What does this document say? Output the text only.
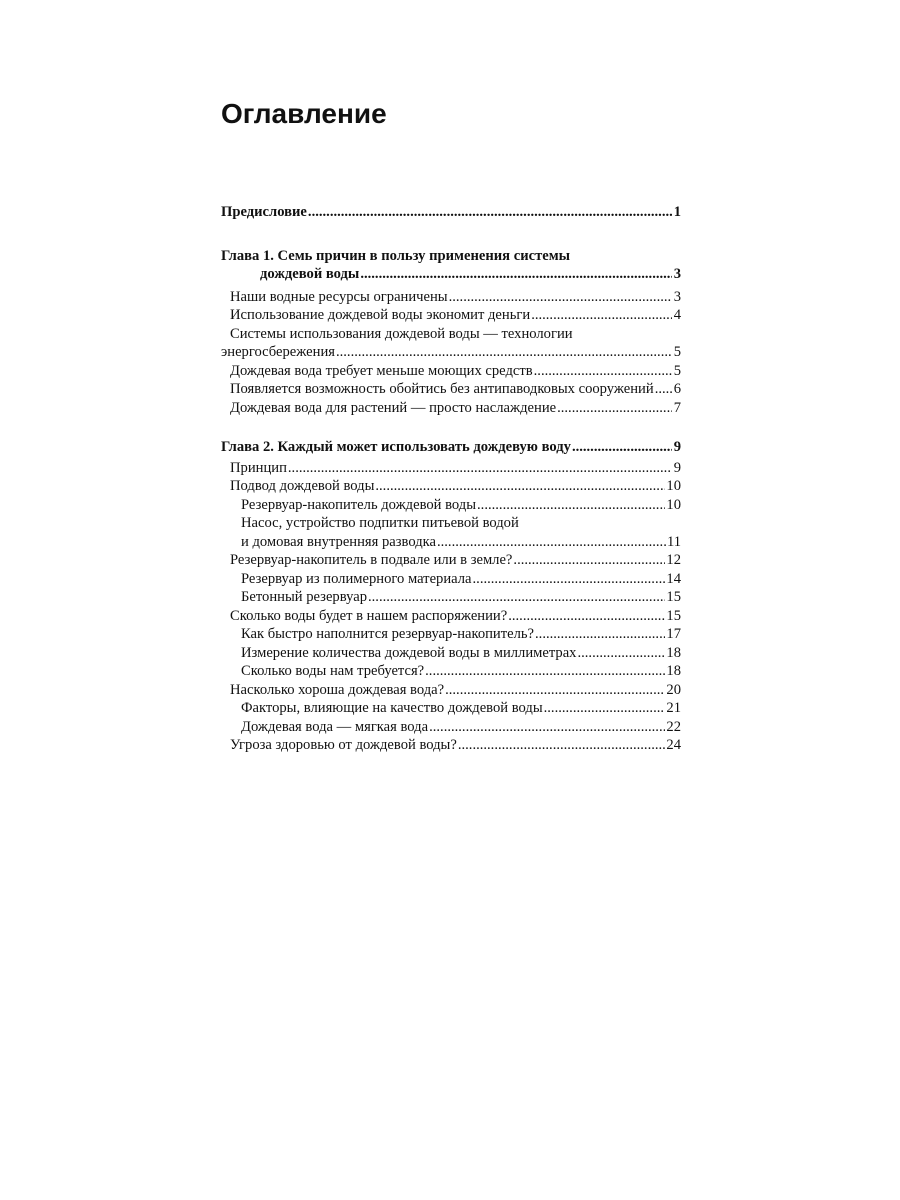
Оглавление
Предисловие .....	1
Глава 1. Семь причин в пользу применения системы
дождевой воды .....	3
Наши водные ресурсы ограничены .....	3
Использование дождевой воды экономит деньги .....	4
Системы использования дождевой воды — технологии
энергосбережения .....	5
Дождевая вода требует меньше моющих средств .....	5
Появляется возможность обойтись без антипаводковых сооружений ..... 6
Дождевая вода для растений — просто наслаждение .....	7
Глава 2. Каждый может использовать дождевую воду .....	9
Принцип .....	9
Подвод дождевой воды .....	10
Резервуар-накопитель дождевой воды .....	10
Насос, устройство подпитки питьевой водой
и домовая внутренняя разводка .....	11
Резервуар-накопитель в подвале или в земле? .....	12
Резервуар из полимерного материала .....	14
Бетонный резервуар .....	15
Сколько воды будет в нашем распоряжении? .....	15
Как быстро наполнится резервуар-накопитель? .....	17
Измерение количества дождевой воды в миллиметрах .....	18
Сколько воды нам требуется? .....	18
Насколько хороша дождевая вода? .....	20
Факторы, влияющие на качество дождевой воды .....	21
Дождевая вода — мягкая вода .....	22
Угроза здоровью от дождевой воды? .....	24
